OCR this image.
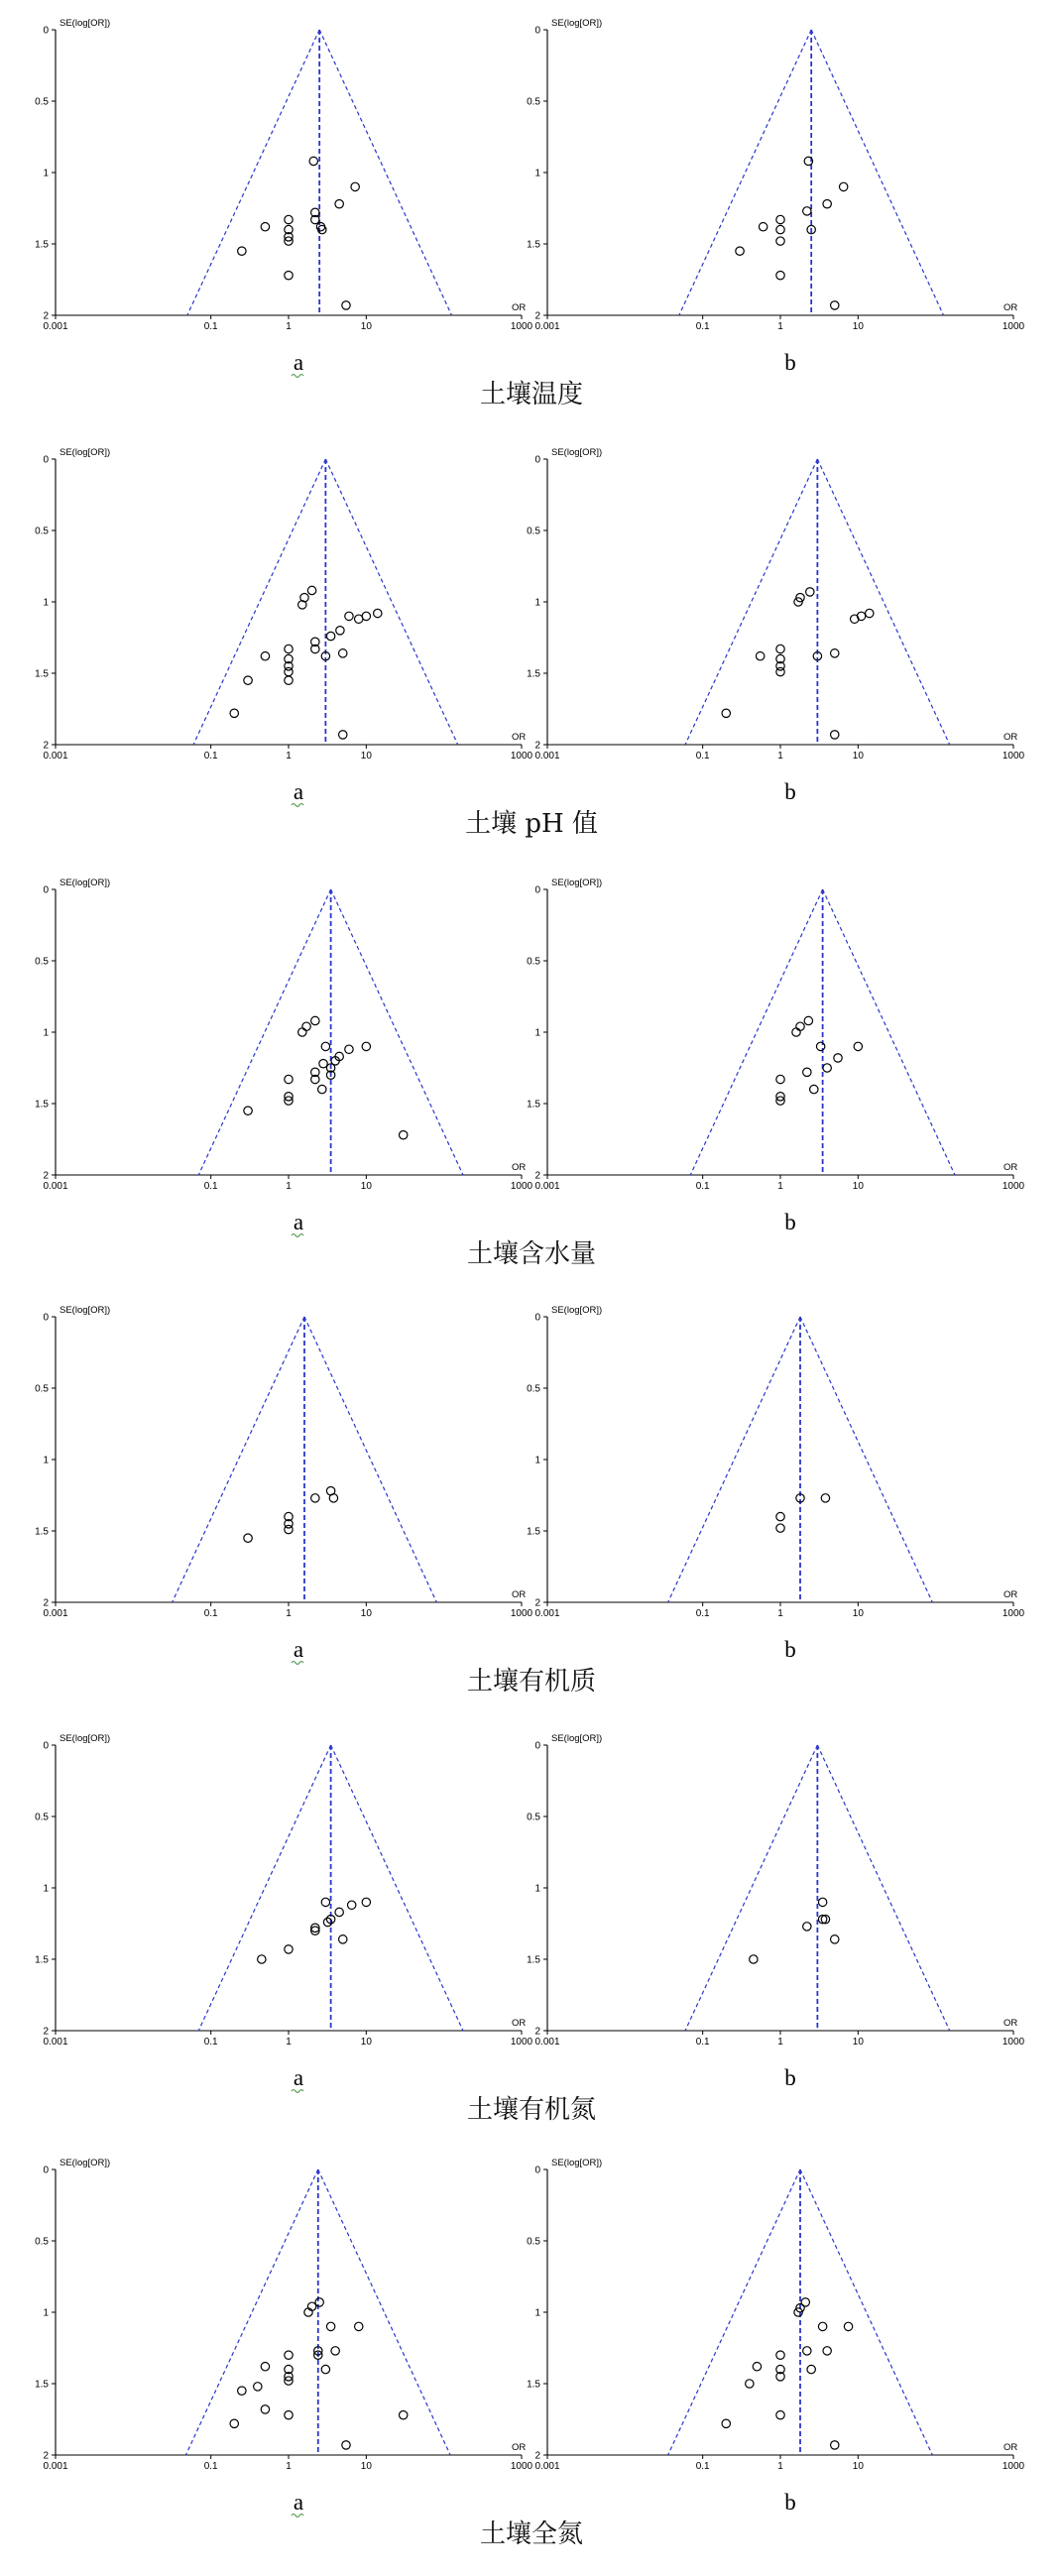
0
0.5
1
1.5
2
0.001	0.1	1	10	1000
SE(log[OR])
OR
a
土壤温度
0
0.5
1
1.5
2
0.001	0.1	1	10	1000
SE(log[OR])
OR
b
0
0.5
1
1.5
2
0.001	0.1	1	10	1000
SE(log[OR])
OR
a
土壤 pH 值
0
0.5
1
1.5
2
0.001	0.1	1	10	1000
SE(log[OR])
OR
b
0
0.5
1
1.5
2
0.001	0.1	1	10	1000
SE(log[OR])
OR
a
土壤含水量
0
0.5
1
1.5
2
0.001	0.1	1	10	1000
SE(log[OR])
OR
b
0
0.5
1
1.5
2
0.001	0.1	1	10	1000
SE(log[OR])
OR
a
土壤有机质
0
0.5
1
1.5
2
0.001	0.1	1	10	1000
SE(log[OR])
OR
b
0
0.5
1
1.5
2
0.001	0.1	1	10	1000
SE(log[OR])
OR
a
土壤有机氮
0
0.5
1
1.5
2
0.001	0.1	1	10	1000
SE(log[OR])
OR
b
0
0.5
1
1.5
2
0.001	0.1	1	10	1000
SE(log[OR])
OR
a
土壤全氮
0
0.5
1
1.5
2
0.001	0.1	1	10	1000
SE(log[OR])
OR
b
